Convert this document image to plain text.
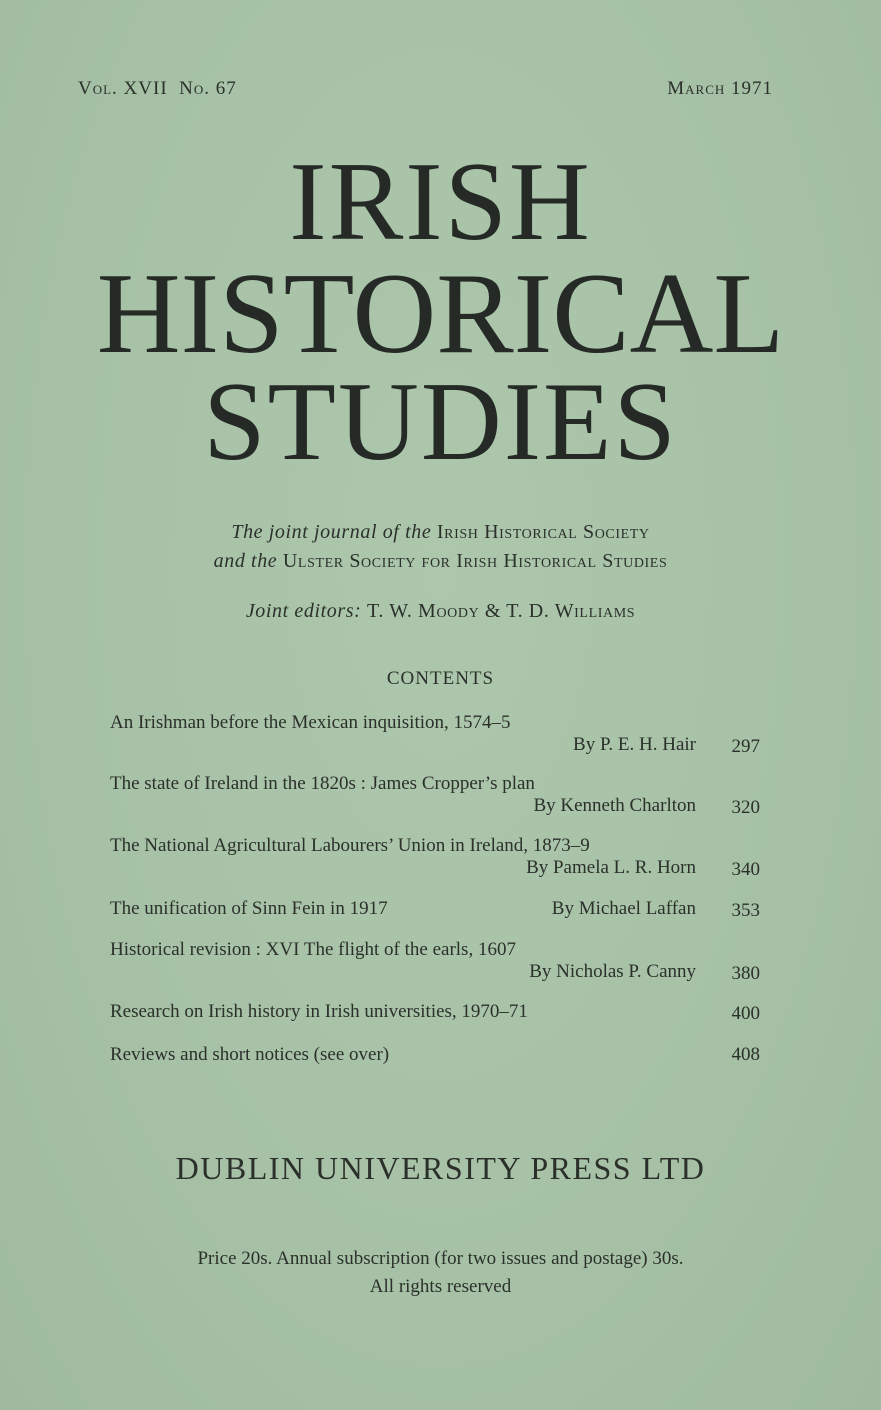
Vol. XVII No. 67	March 1971
IRISH
HISTORICAL
STUDIES
The joint journal of the Irish Historical Society
and the Ulster Society for Irish Historical Studies
Joint editors: T. W. Moody & T. D. Williams
CONTENTS
An Irishman before the Mexican inquisition, 1574–5
By P. E. H. Hair 297
The state of Ireland in the 1820s : James Cropper’s plan
By Kenneth Charlton 320
The National Agricultural Labourers’ Union in Ireland, 1873–9
By Pamela L. R. Horn 340
The unification of Sinn Fein in 1917	By Michael Laffan 353
Historical revision : XVI The flight of the earls, 1607
By Nicholas P. Canny 380
Research on Irish history in Irish universities, 1970–71	400
Reviews and short notices (see over)	408
DUBLIN UNIVERSITY PRESS LTD
Price 20s. Annual subscription (for two issues and postage) 30s.
All rights reserved
